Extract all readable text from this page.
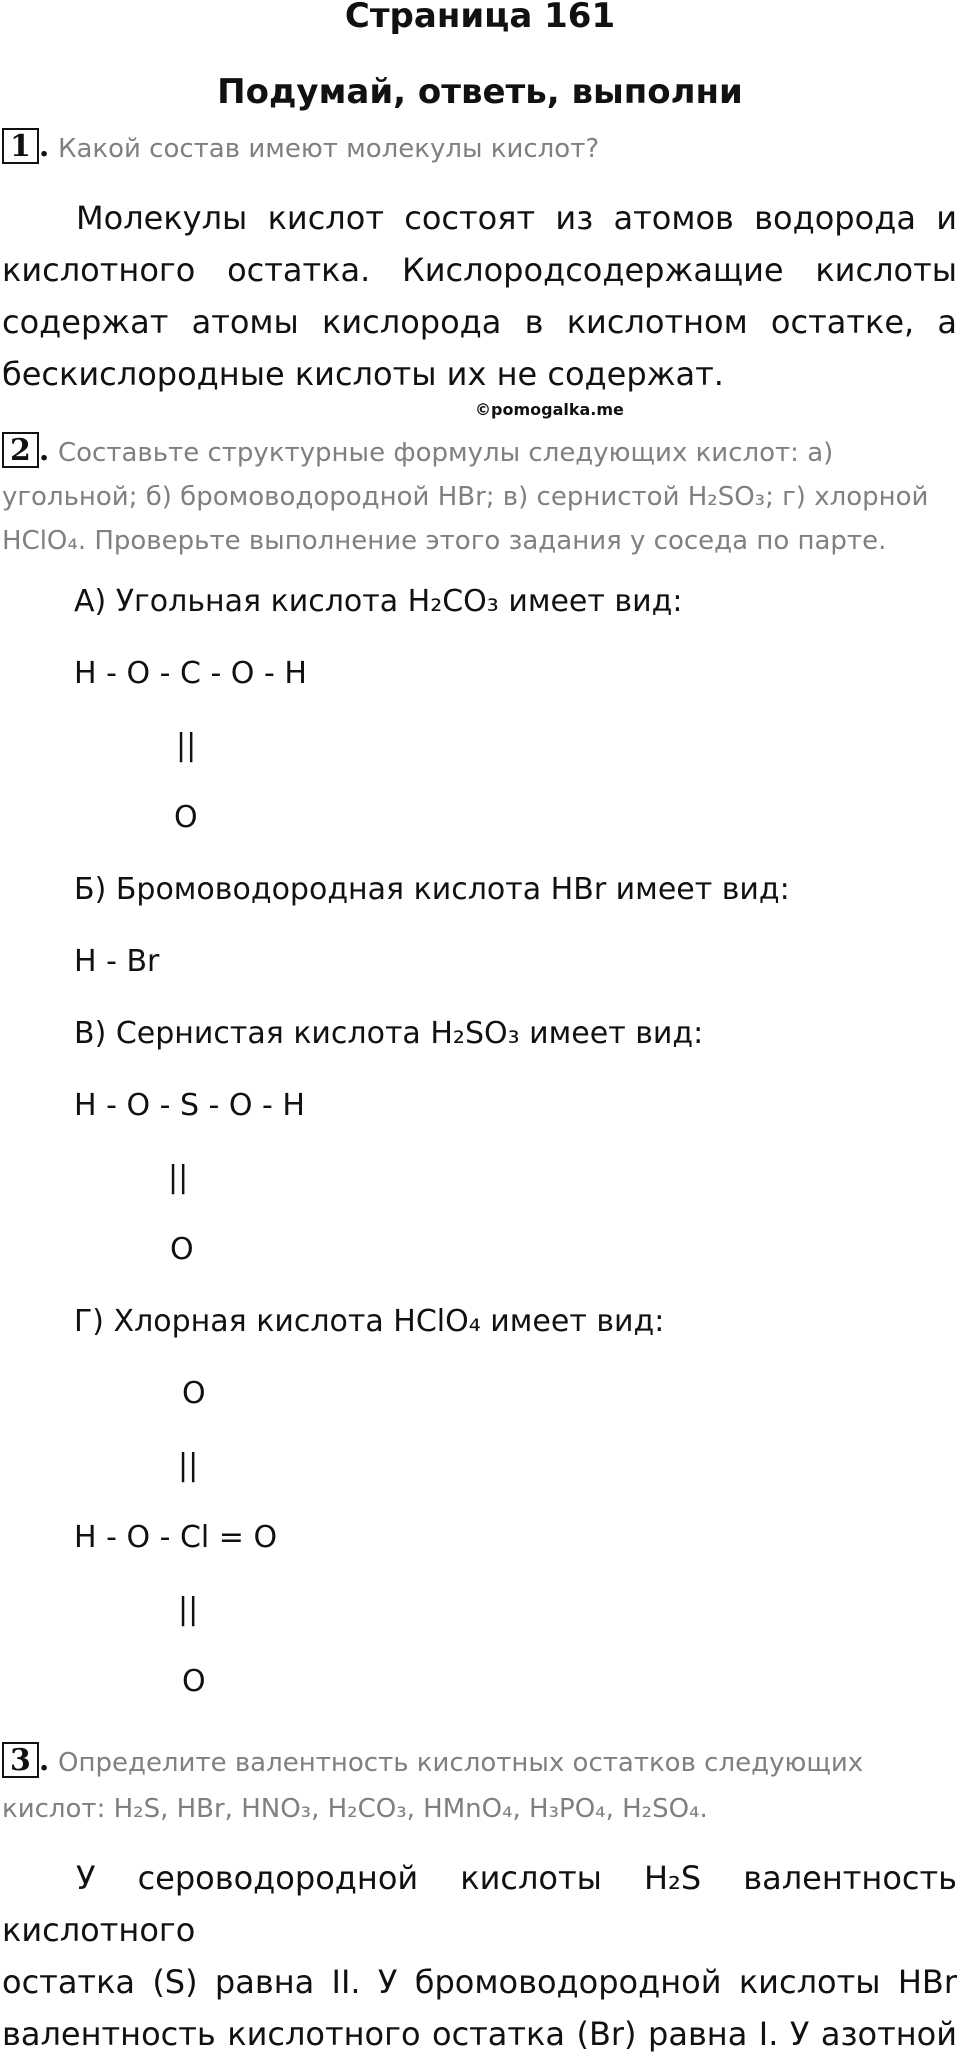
Страница 161
Подумай, ответь, выполни
1 . Какой состав имеют молекулы кислот?
Молекулы кислот состоят из атомов водорода и
кислотного остатка. Кислородсодержащие кислоты
содержат атомы кислорода в кислотном остатке, а
бескислородные кислоты их не содержат.
©pomogalka.me
2 . Составьте структурные формулы следующих кислот: а)
угольной; б) бромоводородной HBr; в) сернистой H₂SO₃; г) хлорной
HClO₄. Проверьте выполнение этого задания у соседа по парте.
А) Угольная кислота H₂CO₃ имеет вид:
H - O - C - O - H
||
O
Б) Бромоводородная кислота HBr имеет вид:
H - Br
В) Сернистая кислота H₂SO₃ имеет вид:
H - O - S - O - H
||
O
Г) Хлорная кислота HClO₄ имеет вид:
O
||
H - O - Cl = O
||
O
3 . Определите валентность кислотных остатков следующих
кислот: H₂S, HBr, HNO₃, H₂CO₃, HMnO₄, H₃PO₄, H₂SO₄.
У сероводородной кислоты H₂S валентность кислотного
остатка (S) равна II. У бромоводородной кислоты HBr
валентность кислотного остатка (Br) равна I. У азотной
